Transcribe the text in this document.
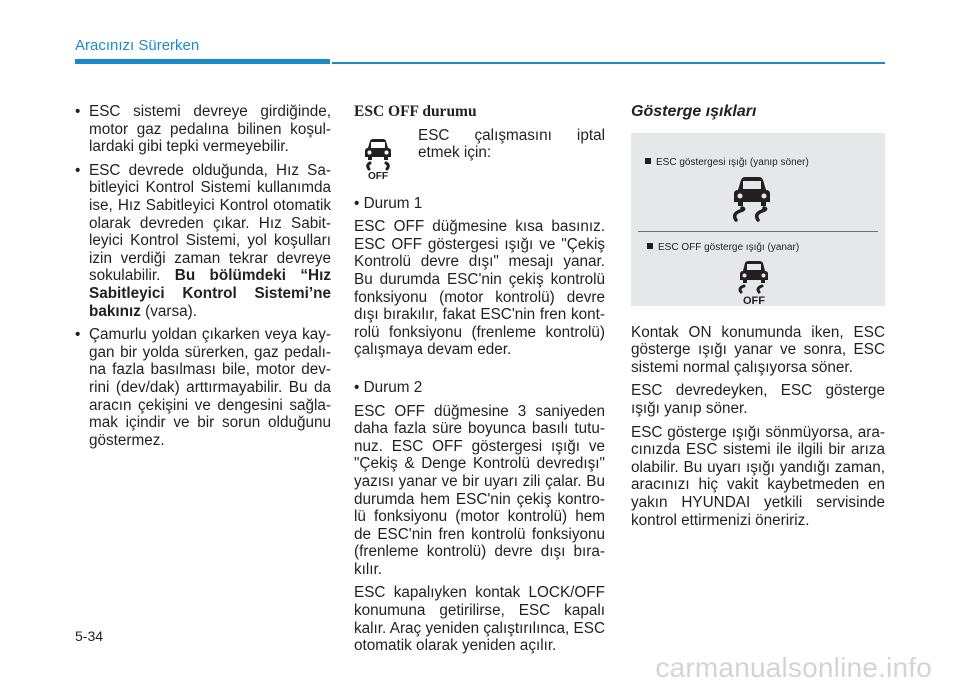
Aracınızı Sürerken

• ESC sistemi devreye girdiğinde, motor gaz pedalına bilinen koşul-lardaki gibi tepki vermeyebilir.

• ESC devrede olduğunda, Hız Sa-bitleyici Kontrol Sistemi kullanımda ise, Hız Sabitleyici Kontrol otomatik olarak devreden çıkar. Hız Sabit-leyici Kontrol Sistemi, yol koşulları izin verdiği zaman tekrar devreye sokulabilir. Bu bölümdeki “Hız Sabitleyici Kontrol Sistemi’ne bakınız (varsa).

• Çamurlu yoldan çıkarken veya kay-gan bir yolda sürerken, gaz pedalı-na fazla basılması bile, motor dev-rini (dev/dak) arttırmayabilir. Bu da aracın çekişini ve dengesini sağla-mak içindir ve bir sorun olduğunu göstermez.

ESC OFF durumu
OFF
ESC çalışmasını iptal etmek için:

• Durum 1

ESC OFF düğmesine kısa basınız. ESC OFF göstergesi ışığı ve "Çekiş Kontrolü devre dışı" mesajı yanar. Bu durumda ESC'nin çekiş kontrolü fonksiyonu (motor kontrolü) devre dışı bırakılır, fakat ESC'nin fren kont-rolü fonksiyonu (frenleme kontrolü) çalışmaya devam eder.

• Durum 2

ESC OFF düğmesine 3 saniyeden daha fazla süre boyunca basılı tutu-nuz. ESC OFF göstergesi ışığı ve "Çekiş & Denge Kontrolü devredışı" yazısı yanar ve bir uyarı zili çalar. Bu durumda hem ESC'nin çekiş kontro-lü fonksiyonu (motor kontrolü) hem de ESC'nin fren kontrolü fonksiyonu (frenleme kontrolü) devre dışı bıra-kılır.

ESC kapalıyken kontak LOCK/OFF konumuna getirilirse, ESC kapalı kalır. Araç yeniden çalıştırılınca, ESC otomatik olarak yeniden açılır.

Gösterge ışıkları
ESC göstergesi ışığı (yanıp söner)
ESC OFF gösterge ışığı (yanar)
OFF

Kontak ON konumunda iken, ESC gösterge ışığı yanar ve sonra, ESC sistemi normal çalışıyorsa söner.

ESC devredeyken, ESC gösterge ışığı yanıp söner.

ESC gösterge ışığı sönmüyorsa, ara-cınızda ESC sistemi ile ilgili bir arıza olabilir. Bu uyarı ışığı yandığı zaman, aracınızı hiç vakit kaybetmeden en yakın HYUNDAI yetkili servisinde kontrol ettirmenizi öneririz.

5-34
carmanualsonline.info
